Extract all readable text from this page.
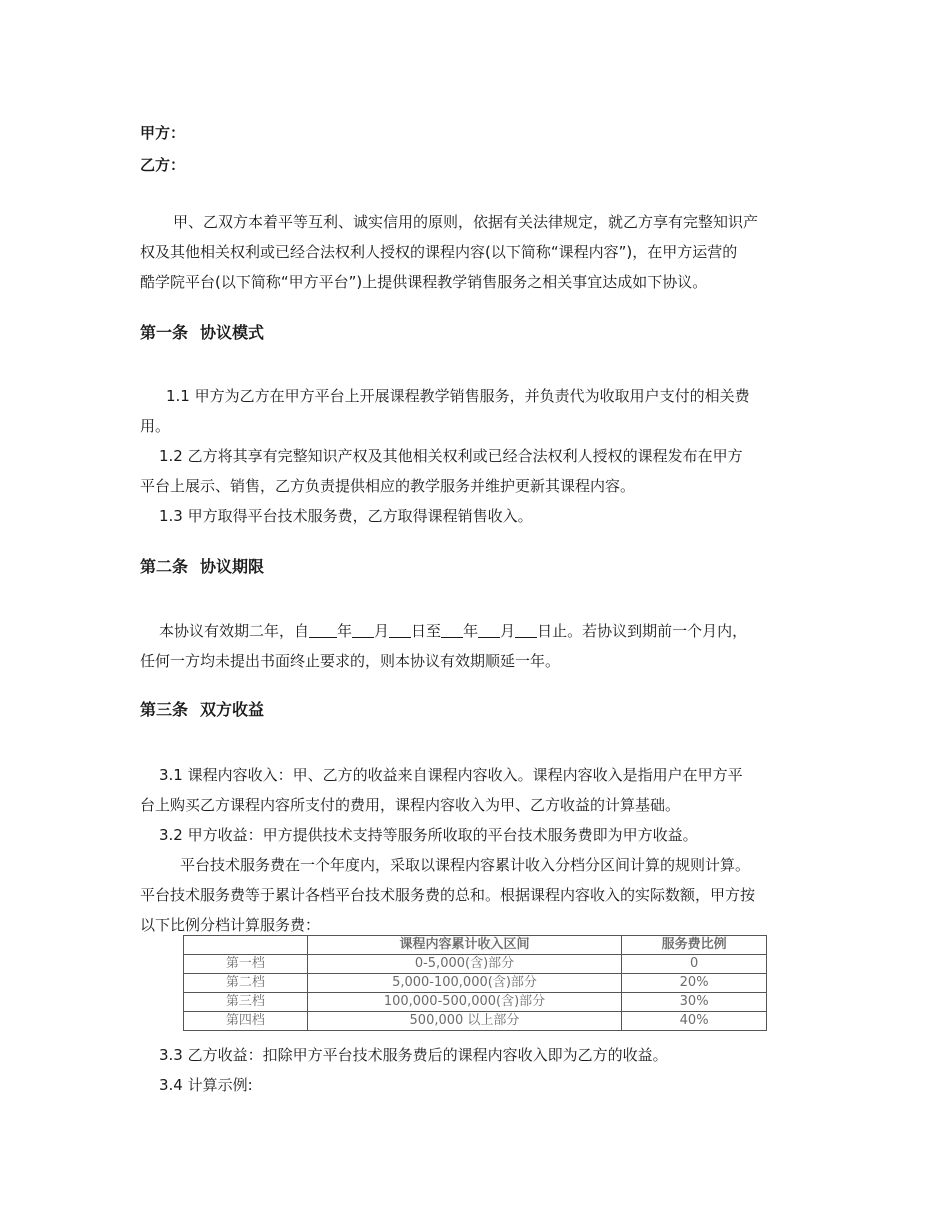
甲方：
乙方：
甲、乙双方本着平等互利、诚实信用的原则，依据有关法律规定，就乙方享有完整知识产
权及其他相关权利或已经合法权利人授权的课程内容(以下简称“课程内容”)，在甲方运营的
酷学院平台(以下简称“甲方平台”)上提供课程教学销售服务之相关事宜达成如下协议。
第一条 协议模式
1.1 甲方为乙方在甲方平台上开展课程教学销售服务，并负责代为收取用户支付的相关费
用。
1.2 乙方将其享有完整知识产权及其他相关权利或已经合法权利人授权的课程发布在甲方
平台上展示、销售，乙方负责提供相应的教学服务并维护更新其课程内容。
1.3 甲方取得平台技术服务费，乙方取得课程销售收入。
第二条 协议期限
本协议有效期二年，自 年 月 日至 年 月 日止。若协议到期前一个月内，
任何一方均未提出书面终止要求的，则本协议有效期顺延一年。
第三条 双方收益
3.1 课程内容收入：甲、乙方的收益来自课程内容收入。课程内容收入是指用户在甲方平
台上购买乙方课程内容所支付的费用，课程内容收入为甲、乙方收益的计算基础。
3.2 甲方收益：甲方提供技术支持等服务所收取的平台技术服务费即为甲方收益。
平台技术服务费在一个年度内，采取以课程内容累计收入分档分区间计算的规则计算。
平台技术服务费等于累计各档平台技术服务费的总和。根据课程内容收入的实际数额，甲方按
以下比例分档计算服务费：
	课程内容累计收入区间	服务费比例
第一档	0-5,000(含)部分	0
第二档	5,000-100,000(含)部分	20%
第三档	100,000-500,000(含)部分	30%
第四档	500,000 以上部分	40%
3.3 乙方收益：扣除甲方平台技术服务费后的课程内容收入即为乙方的收益。
3.4 计算示例:
